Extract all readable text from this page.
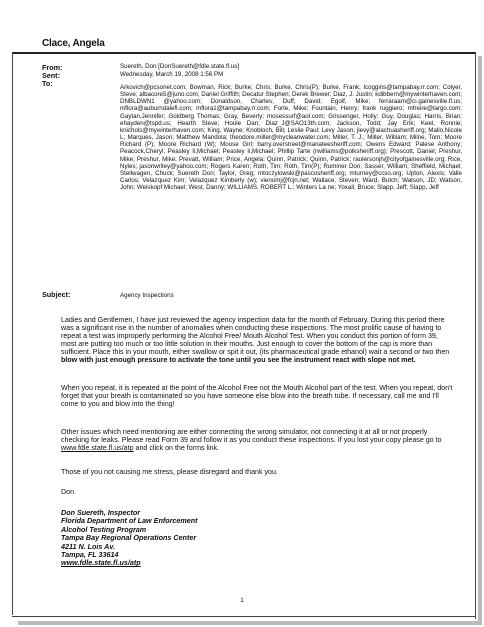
Clace, Angela
From:	Suereth, Don [DonSuereth@fdle.state.fl.us]
Sent:	Wednesday, March 19, 2008 1:56 PM
To:	Arkovich@pcsonet.com; Bowman, Rick; Burke, Chris; Burke, Chris(P); Burke, Frank; lcoggins@tampabay.rr.com; Colyer, Steve; albacore5@juno.com; Daniel Griffith; Decatur Stephen; Derek Brewer; Diaz, J. Justin; kdibbern@mywinterhaven.com; DNBLDWN1 @yahoo.com; Donaldson, Charles; Duff, David; Egolf, Mike; ferraraam@ci.gainesville.fl.us; mflora@auburndalefl.com; mflora1@tampabay.rr.com; Forte, Mike; Fountain, Henry; frank ruggiero; mfreire@largo.com; Gaytan,Jennifer; Goldberg Thomas; Gray, Beverly; mosessurf@aol.com; Grissenger, Holly; Guy, Douglas; Harris, Brian; ehayden@tspd.us; Hearth Steve; Houle Dan; Diaz_J@SAO13th.com; Jackson, Todd; Jay Erik; Keel, Ronnie; knichols@mywinterhaven.com; King, Wayne; Knobloch, Bill; Leslie Paul; Levy Jason; jlevy@alachuasheriff.org; Mallo,Nicole L; Marques, Jason; Matthew Mandola; theodore.miller@mycleanwater.com; Miller, T. J.; Miller, William; Milne, Tom; Moore Richard (P); Moore Richard (W); Moose Girl; barry.overstreet@manateesheriff.com; Owens Edward; Palese Anthony; Peacock,Cheryl; Peasley Ii,Michael; Peasley Ii,Michael; Phillip Tarte (rwilliams@polksheriff.org); Prescott, Daniel; Preshur, Mike; Preshur, Mike; Prevatt, William; Price, Angela; Quinn, Patrick; Quinn, Patrick; raulersonjh@cityofgainesville.org; Rice, Nyles; jasonwriley@yahoo.com; Rogers Karen; Roth, Tim; Roth, Tim(P); Ruminer Don; Sasser, William; Sheffield, Michael; Stellwagen, Chuck; Suereth Don; Taylor, Greg; mtoczylowski@pascosheriff.org; mturney@ccso.org; Upton, Alexis; Valle Carlos; Velazquez Kim; Velazquez Kimberly (w); vienomj@fcjn.net; Wallace, Steven; Ward, Butch; Watson, JD; Watson, John; Weiskopf Michael; West, Danny; WILLIAMS, ROBERT L.; Winters La ne; Yoxall, Bruce; Slapp, Jeff; Slapp, Jeff
Subject:	Agency Inspections
Ladies and Gentlemen, I have just reviewed the agency inspection data for the month of February. During this period there was a significant rise in the number of anomalies when conducting these inspections. The most prolific cause of having to repeat a test was improperly performing the Alcohol Free/ Mouth Alcohol Test. When you conduct this portion of form 39, most are putting too much or too little solution in their mouths. Just enough to cover the bottom of the cap is more than sufficient. Place this in your mouth, either swallow or spit it out, (its pharmaceutical grade ethanol) wait a second or two then blow with just enough pressure to activate the tone until you see the instrument react with slope not met.
When you repeat, it is repeated at the point of the Alcohol Free not the Mouth Alcohol part of the test. When you repeat, don't forget that your breath is contaminated so you have someone else blow into the breath tube. If necessary, call me and I'll come to you and blow into the thing!
Other issues which need mentioning are either connecting the wrong simulator, not connecting it at all or not properly checking for leaks. Please read Form 39 and follow it as you conduct these inspections. If you lost your copy please go to www.fdle.state.fl.us/atp and click on the forms link.
Those of you not causing me stress, please disregard and thank you.
Don
Don Suereth, Inspector
Florida Department of Law Enforcement
Alcohol Testing Program
Tampa Bay Regional Operations Center
4211 N. Lois Av.
Tampa, FL 33614
www.fdle.state.fl.us/atp
1
